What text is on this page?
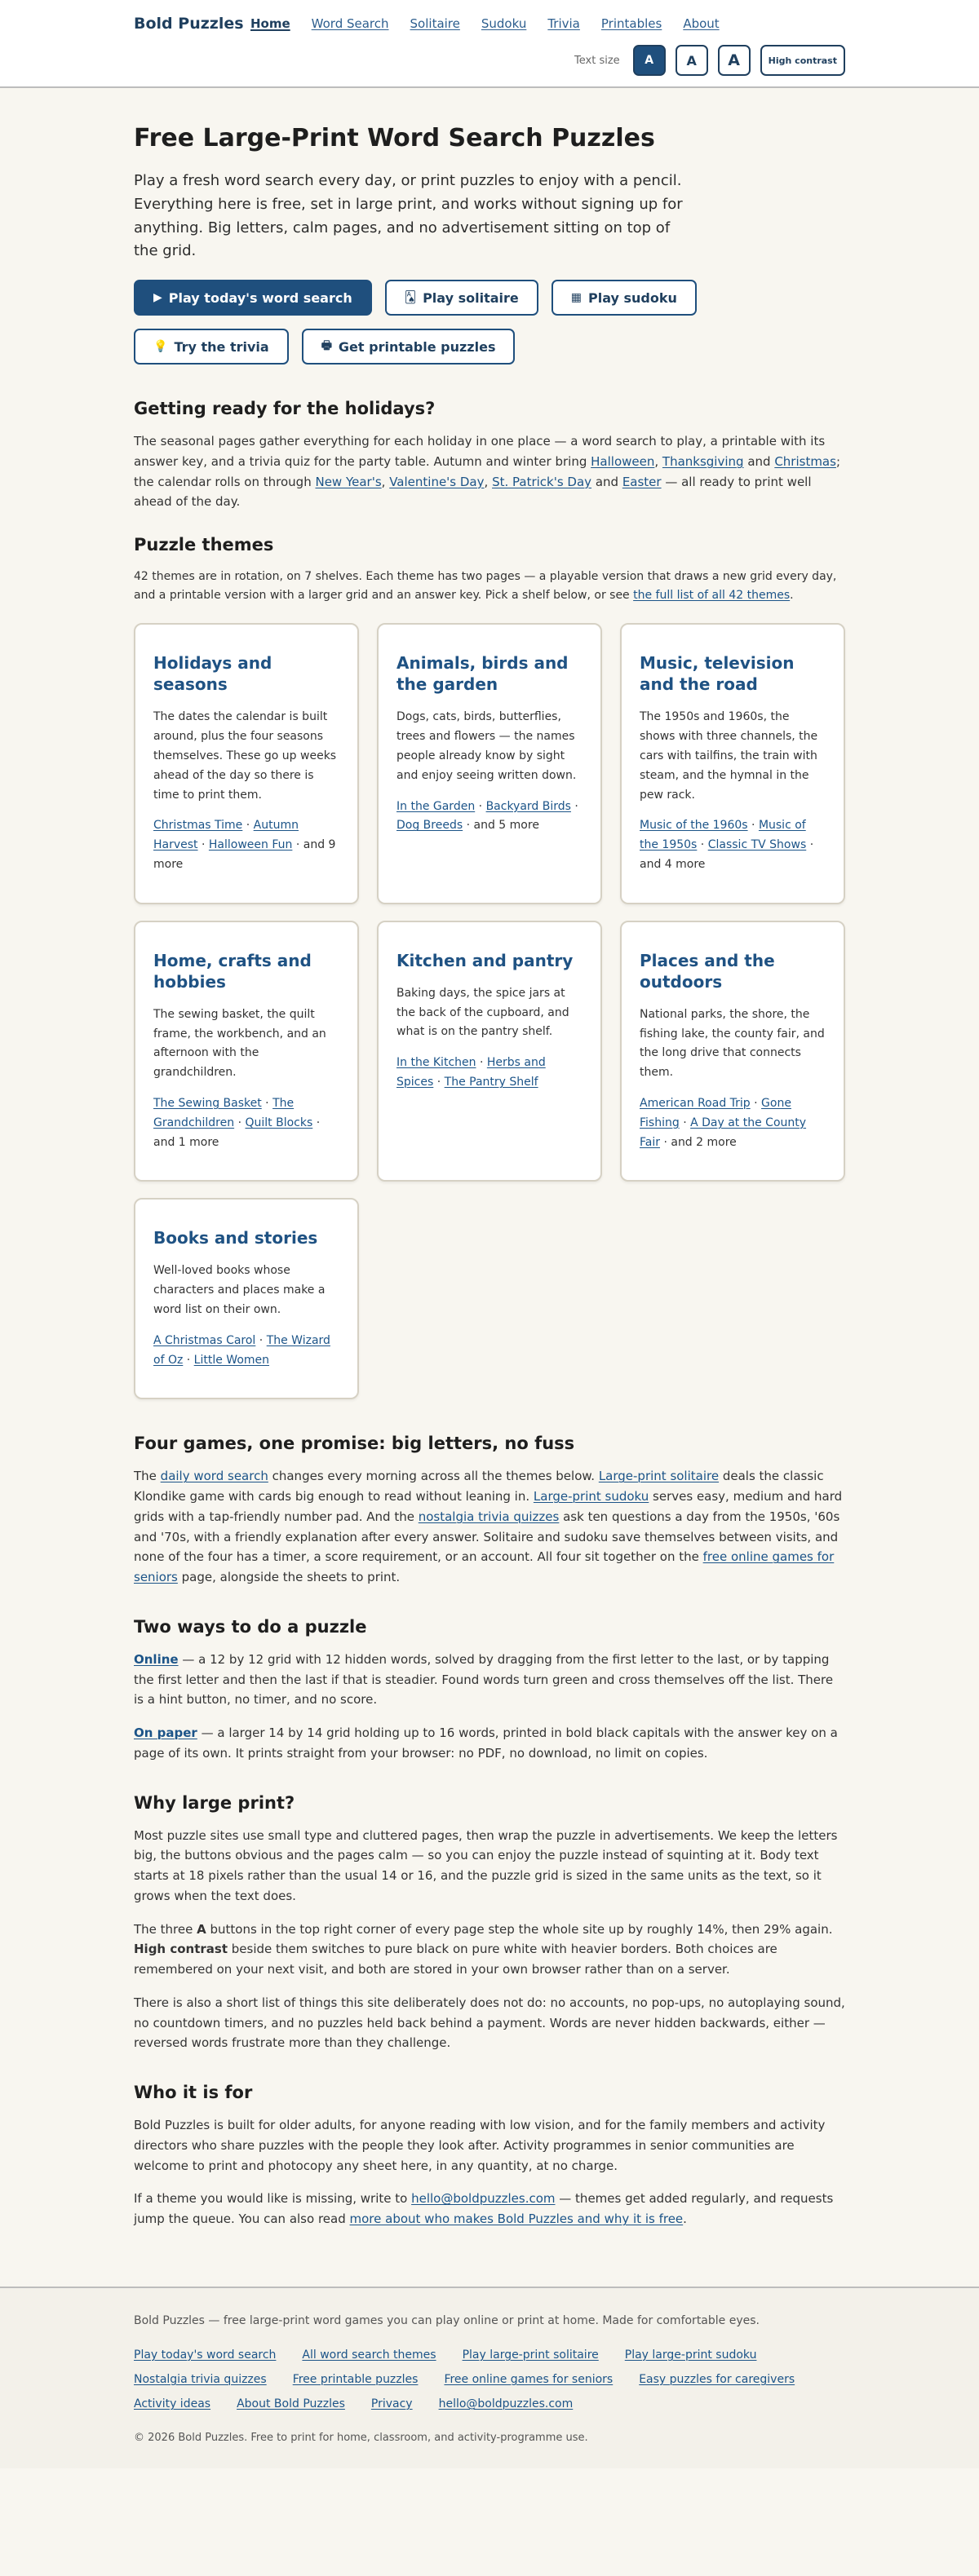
Bold Puzzles Home Word Search Solitaire Sudoku Trivia Printables About
Text size	A	A	A	High contrast
Free Large-Print Word Search Puzzles

Play a fresh word search every day, or print puzzles to enjoy with a pencil. Everything here is free, set in large print, and works without signing up for anything. Big letters, calm pages, and no advertisement sitting on top of the grid.

▶ Play today's word search	🂡 Play solitaire	▦ Play sudoku
💡 Try the trivia	🖶 Get printable puzzles
Getting ready for the holidays?

The seasonal pages gather everything for each holiday in one place — a word search to play, a printable with its answer key, and a trivia quiz for the party table. Autumn and winter bring Halloween, Thanksgiving and Christmas; the calendar rolls on through New Year's, Valentine's Day, St. Patrick's Day and Easter — all ready to print well ahead of the day.

Puzzle themes

42 themes are in rotation, on 7 shelves. Each theme has two pages — a playable version that draws a new grid every day, and a printable version with a larger grid and an answer key. Pick a shelf below, or see the full list of all 42 themes.

Holidays and seasons

The dates the calendar is built around, plus the four seasons themselves. These go up weeks ahead of the day so there is time to print them.

Christmas Time · Autumn Harvest · Halloween Fun · and 9 more
Animals, birds and the garden

Dogs, cats, birds, butterflies, trees and flowers — the names people already know by sight and enjoy seeing written down.

In the Garden · Backyard Birds · Dog Breeds · and 5 more
Music, television and the road

The 1950s and 1960s, the shows with three channels, the cars with tailfins, the train with steam, and the hymnal in the pew rack.

Music of the 1960s · Music of the 1950s · Classic TV Shows · and 4 more
Home, crafts and hobbies

The sewing basket, the quilt frame, the workbench, and an afternoon with the grandchildren.

The Sewing Basket · The Grandchildren · Quilt Blocks · and 1 more
Kitchen and pantry

Baking days, the spice jars at the back of the cupboard, and what is on the pantry shelf.

In the Kitchen · Herbs and Spices · The Pantry Shelf
Places and the outdoors

National parks, the shore, the fishing lake, the county fair, and the long drive that connects them.

American Road Trip · Gone Fishing · A Day at the County Fair · and 2 more
Books and stories

Well-loved books whose characters and places make a word list on their own.

A Christmas Carol · The Wizard of Oz · Little Women
Four games, one promise: big letters, no fuss

The daily word search changes every morning across all the themes below. Large-print solitaire deals the classic Klondike game with cards big enough to read without leaning in. Large-print sudoku serves easy, medium and hard grids with a tap-friendly number pad. And the nostalgia trivia quizzes ask ten questions a day from the 1950s, '60s and '70s, with a friendly explanation after every answer. Solitaire and sudoku save themselves between visits, and none of the four has a timer, a score requirement, or an account. All four sit together on the free online games for seniors page, alongside the sheets to print.

Two ways to do a puzzle

Online — a 12 by 12 grid with 12 hidden words, solved by dragging from the first letter to the last, or by tapping the first letter and then the last if that is steadier. Found words turn green and cross themselves off the list. There is a hint button, no timer, and no score.

On paper — a larger 14 by 14 grid holding up to 16 words, printed in bold black capitals with the answer key on a page of its own. It prints straight from your browser: no PDF, no download, no limit on copies.

Why large print?

Most puzzle sites use small type and cluttered pages, then wrap the puzzle in advertisements. We keep the letters big, the buttons obvious and the pages calm — so you can enjoy the puzzle instead of squinting at it. Body text starts at 18 pixels rather than the usual 14 or 16, and the puzzle grid is sized in the same units as the text, so it grows when the text does.

The three A buttons in the top right corner of every page step the whole site up by roughly 14%, then 29% again. High contrast beside them switches to pure black on pure white with heavier borders. Both choices are remembered on your next visit, and both are stored in your own browser rather than on a server.

There is also a short list of things this site deliberately does not do: no accounts, no pop-ups, no autoplaying sound, no countdown timers, and no puzzles held back behind a payment. Words are never hidden backwards, either — reversed words frustrate more than they challenge.

Who it is for

Bold Puzzles is built for older adults, for anyone reading with low vision, and for the family members and activity directors who share puzzles with the people they look after. Activity programmes in senior communities are welcome to print and photocopy any sheet here, in any quantity, at no charge.

If a theme you would like is missing, write to hello@boldpuzzles.com — themes get added regularly, and requests jump the queue. You can also read more about who makes Bold Puzzles and why it is free.

Bold Puzzles — free large-print word games you can play online or print at home. Made for comfortable eyes.
Play today's word search All word search themes Play large-print solitaire Play large-print sudoku
Nostalgia trivia quizzes Free printable puzzles Free online games for seniors Easy puzzles for caregivers
Activity ideas About Bold Puzzles Privacy hello@boldpuzzles.com
© 2026 Bold Puzzles. Free to print for home, classroom, and activity-programme use.
